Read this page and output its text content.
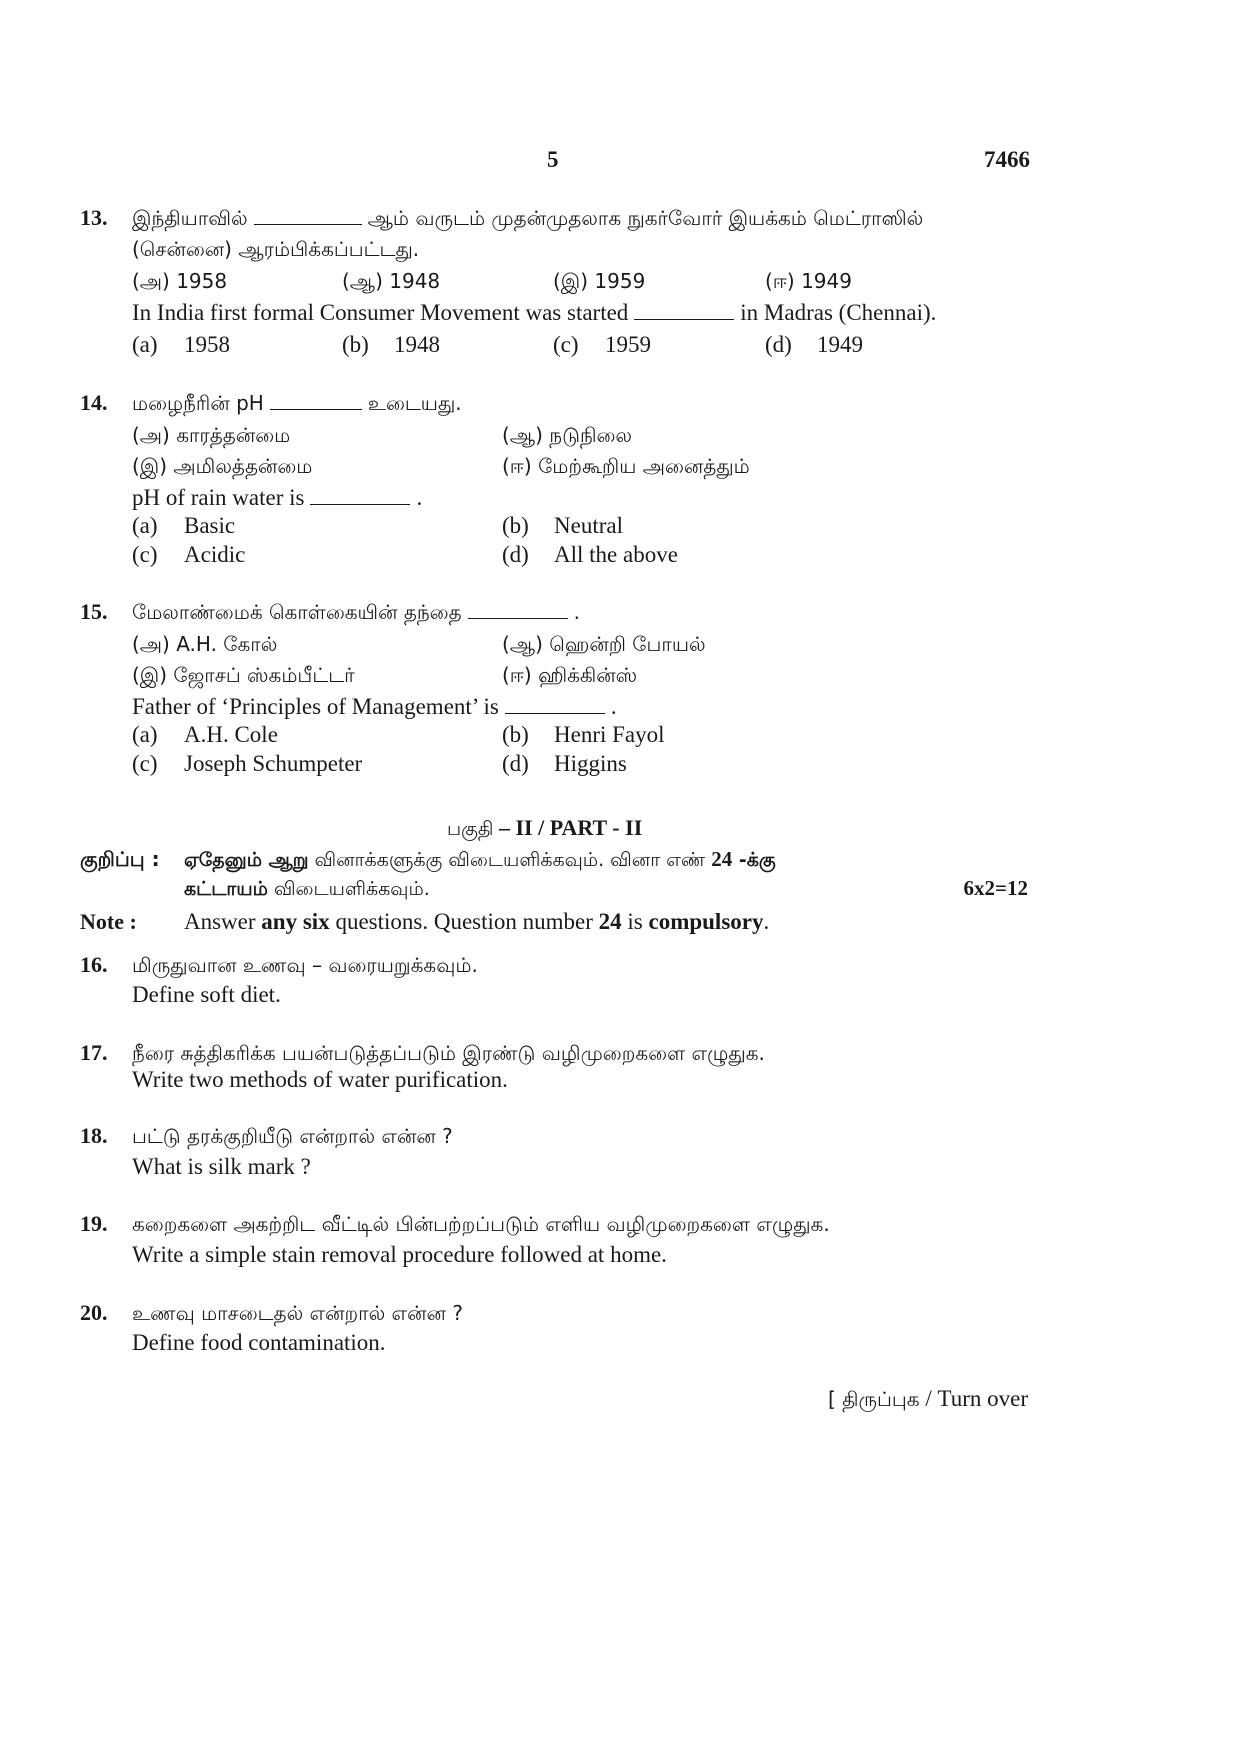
5	7466
13. இந்தியாவில்	ஆம் வருடம் முதன்முதலாக நுகர்வோர் இயக்கம் மெட்ராஸில்
(சென்னை) ஆரம்பிக்கப்பட்டது.
(அ) 1958	(ஆ) 1948	(இ) 1959	(ஈ) 1949
In India first formal Consumer Movement was started	in Madras (Chennai).
(a) 1958	(b) 1948	(c) 1959	(d) 1949
14. மழைநீரின் pH	உடையது.
(அ) காரத்தன்மை	(ஆ) நடுநிலை
(இ) அமிலத்தன்மை	(ஈ) மேற்கூறிய அனைத்தும்
pH of rain water is	.
(a) Basic	(b) Neutral
(c) Acidic	(d) All the above
15. மேலாண்மைக் கொள்கையின் தந்தை	.
(அ) A.H. கோல்	(ஆ) ஹென்றி போயல்
(இ) ஜோசப் ஸ்கம்பீட்டர்	(ஈ) ஹிக்கின்ஸ்
Father of ‘Principles of Management’ is	.
(a) A.H. Cole	(b) Henri Fayol
(c) Joseph Schumpeter	(d) Higgins
பகுதி – II / PART - II
குறிப்பு : ஏதேனும் ஆறு வினாக்களுக்கு விடையளிக்கவும். வினா எண் 24 -க்கு
கட்டாயம் விடையளிக்கவும்.	6x2=12
Note : Answer any six questions. Question number 24 is compulsory.
16. மிருதுவான உணவு – வரையறுக்கவும்.
Define soft diet.
17. நீரை சுத்திகரிக்க பயன்படுத்தப்படும் இரண்டு வழிமுறைகளை எழுதுக.
Write two methods of water purification.
18. பட்டு தரக்குறியீடு என்றால் என்ன ?
What is silk mark ?
19. கறைகளை அகற்றிட வீட்டில் பின்பற்றப்படும் எளிய வழிமுறைகளை எழுதுக.
Write a simple stain removal procedure followed at home.
20. உணவு மாசடைதல் என்றால் என்ன ?
Define food contamination.
[ திருப்புக / Turn over
